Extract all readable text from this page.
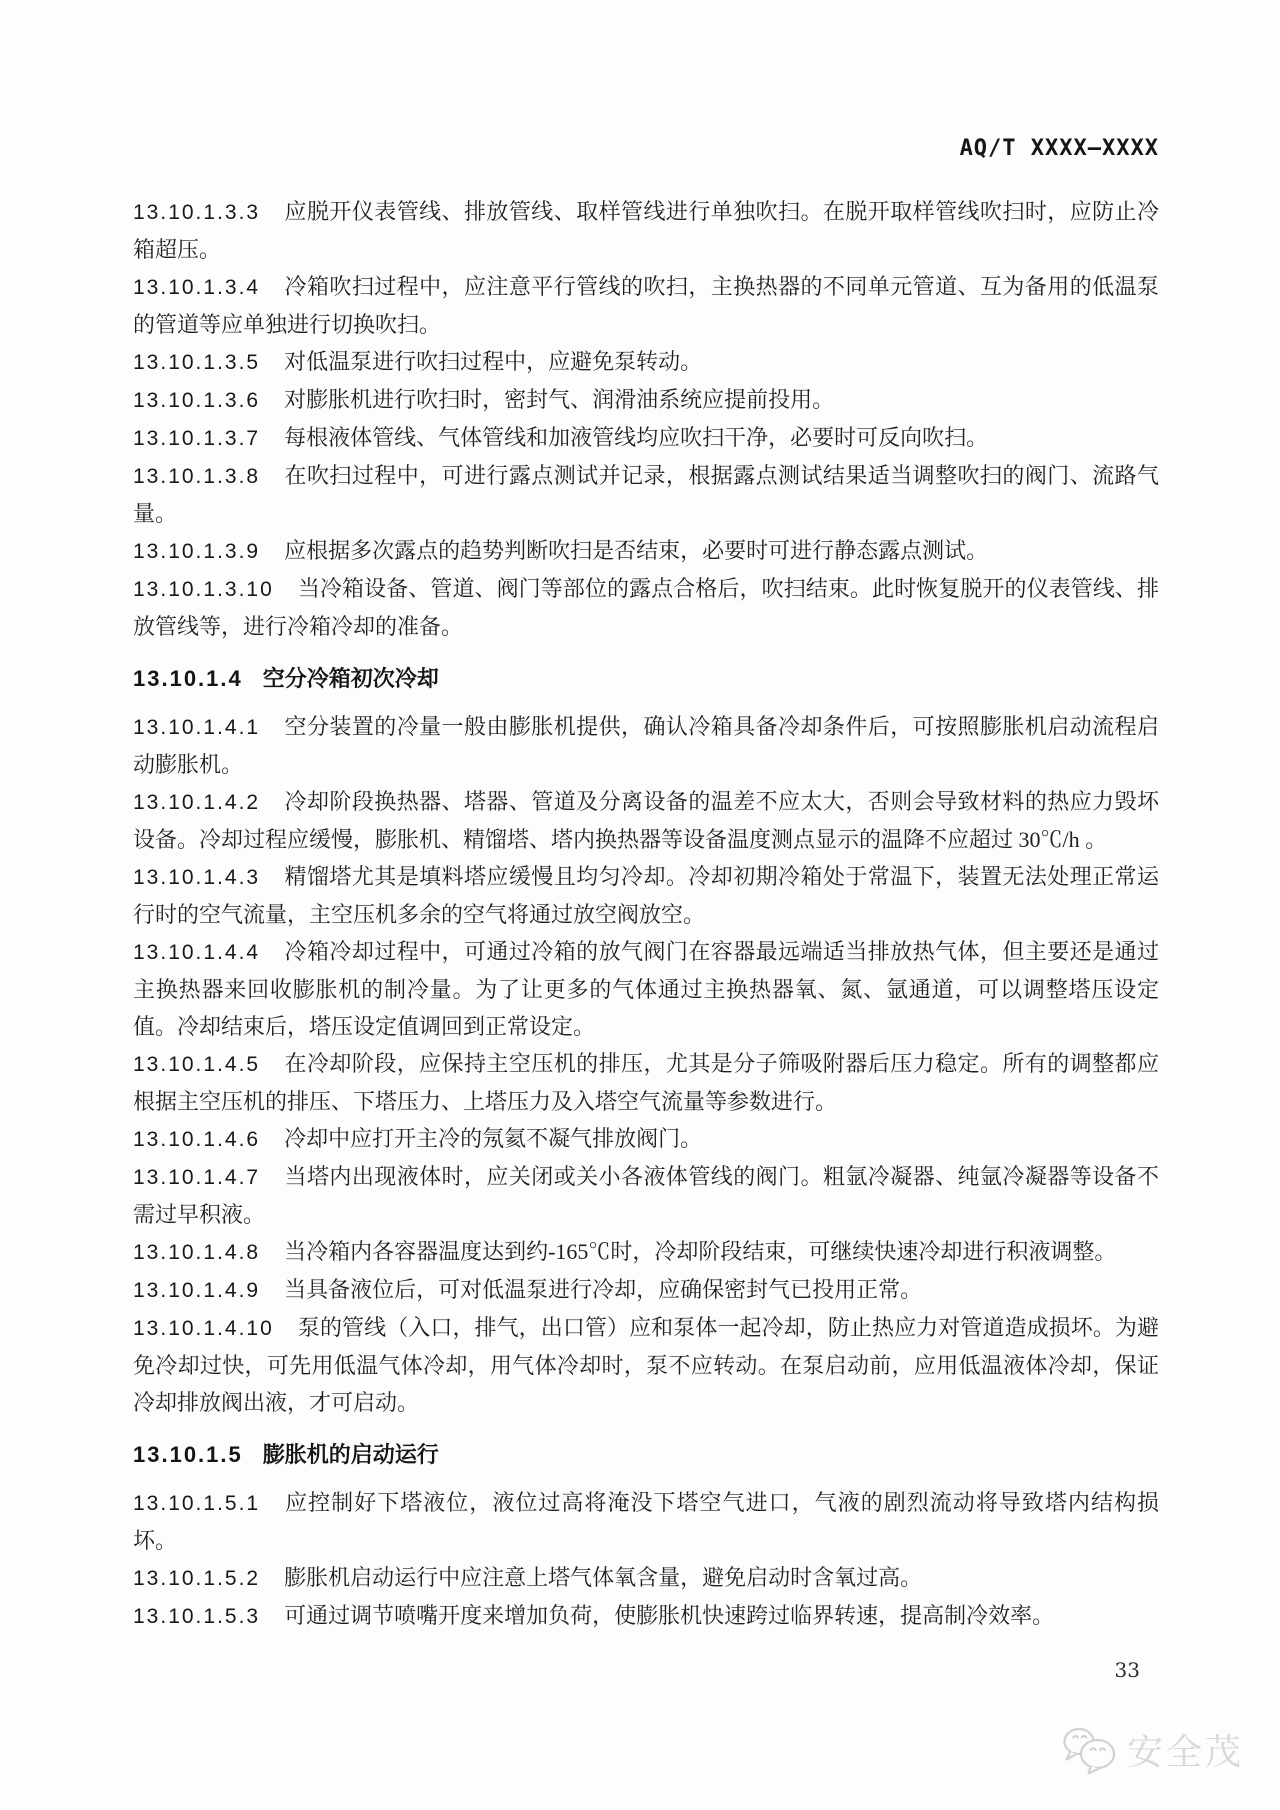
AQ/T XXXX—XXXX
13.10.1.3.3 应脱开仪表管线、排放管线、取样管线进行单独吹扫。在脱开取样管线吹扫时，应防止冷箱超压。
13.10.1.3.4 冷箱吹扫过程中，应注意平行管线的吹扫，主换热器的不同单元管道、互为备用的低温泵的管道等应单独进行切换吹扫。
13.10.1.3.5 对低温泵进行吹扫过程中，应避免泵转动。
13.10.1.3.6 对膨胀机进行吹扫时，密封气、润滑油系统应提前投用。
13.10.1.3.7 每根液体管线、气体管线和加液管线均应吹扫干净，必要时可反向吹扫。
13.10.1.3.8 在吹扫过程中，可进行露点测试并记录，根据露点测试结果适当调整吹扫的阀门、流路气量。
13.10.1.3.9 应根据多次露点的趋势判断吹扫是否结束，必要时可进行静态露点测试。
13.10.1.3.10 当冷箱设备、管道、阀门等部位的露点合格后，吹扫结束。此时恢复脱开的仪表管线、排放管线等，进行冷箱冷却的准备。
13.10.1.4 空分冷箱初次冷却
13.10.1.4.1 空分装置的冷量一般由膨胀机提供，确认冷箱具备冷却条件后，可按照膨胀机启动流程启动膨胀机。
13.10.1.4.2 冷却阶段换热器、塔器、管道及分离设备的温差不应太大，否则会导致材料的热应力毁坏设备。冷却过程应缓慢，膨胀机、精馏塔、塔内换热器等设备温度测点显示的温降不应超过 30℃/h 。
13.10.1.4.3 精馏塔尤其是填料塔应缓慢且均匀冷却。冷却初期冷箱处于常温下，装置无法处理正常运行时的空气流量，主空压机多余的空气将通过放空阀放空。
13.10.1.4.4 冷箱冷却过程中，可通过冷箱的放气阀门在容器最远端适当排放热气体，但主要还是通过主换热器来回收膨胀机的制冷量。为了让更多的气体通过主换热器氧、氮、氩通道，可以调整塔压设定值。冷却结束后，塔压设定值调回到正常设定。
13.10.1.4.5 在冷却阶段，应保持主空压机的排压，尤其是分子筛吸附器后压力稳定。所有的调整都应根据主空压机的排压、下塔压力、上塔压力及入塔空气流量等参数进行。
13.10.1.4.6 冷却中应打开主冷的氖氦不凝气排放阀门。
13.10.1.4.7 当塔内出现液体时，应关闭或关小各液体管线的阀门。粗氩冷凝器、纯氩冷凝器等设备不需过早积液。
13.10.1.4.8 当冷箱内各容器温度达到约-165℃时，冷却阶段结束，可继续快速冷却进行积液调整。
13.10.1.4.9 当具备液位后，可对低温泵进行冷却，应确保密封气已投用正常。
13.10.1.4.10 泵的管线（入口，排气，出口管）应和泵体一起冷却，防止热应力对管道造成损坏。为避免冷却过快，可先用低温气体冷却，用气体冷却时，泵不应转动。在泵启动前，应用低温液体冷却，保证冷却排放阀出液，才可启动。
13.10.1.5 膨胀机的启动运行
13.10.1.5.1 应控制好下塔液位，液位过高将淹没下塔空气进口，气液的剧烈流动将导致塔内结构损坏。
13.10.1.5.2 膨胀机启动运行中应注意上塔气体氧含量，避免启动时含氧过高。
13.10.1.5.3 可通过调节喷嘴开度来增加负荷，使膨胀机快速跨过临界转速，提高制冷效率。
33
安全茂
